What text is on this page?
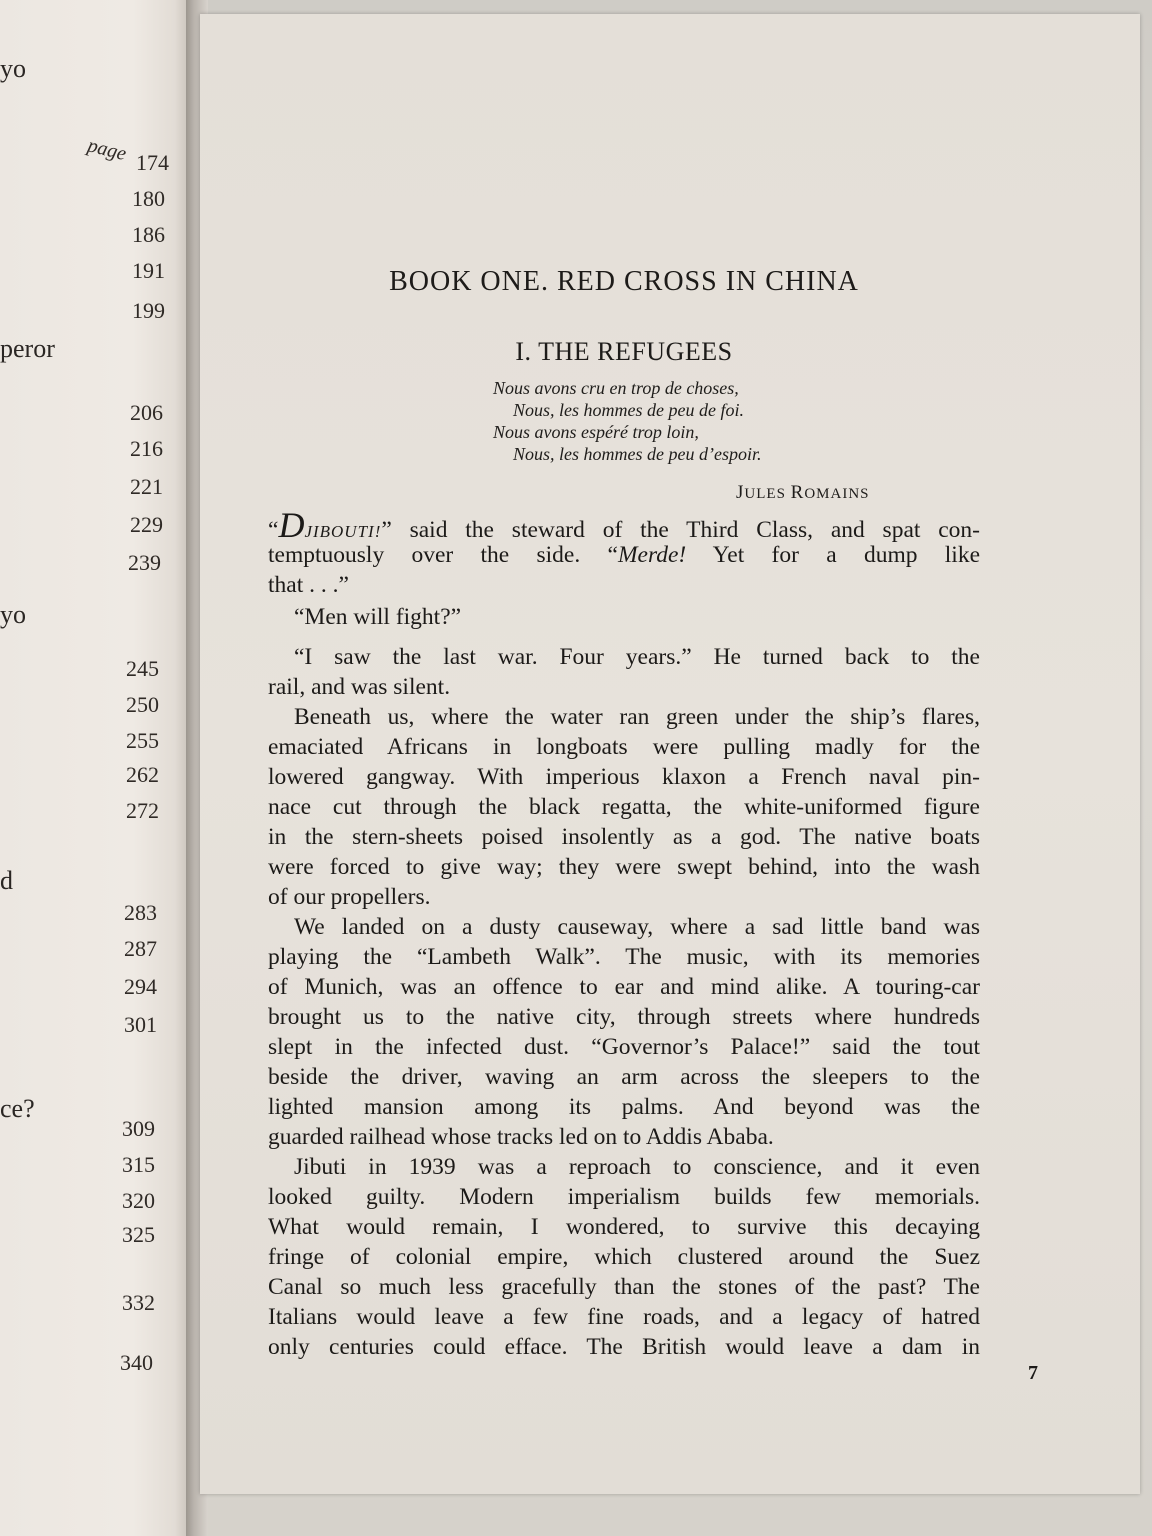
yo
peror
yo
d
ce?
page 174
180
186
191
199
206
216
221
229
239
245
250
255
262
272
283
287
294
301
309
315
320
325
332
340
BOOK ONE. RED CROSS IN CHINA
I. THE REFUGEES
Nous avons cru en trop de choses,
Nous, les hommes de peu de foi.
Nous avons espéré trop loin,
Nous, les hommes de peu d’espoir.
JULES ROMAINS
“DJIBOUTI!” said the steward of the Third Class, and spat con-
temptuously over the side. “Merde! Yet for a dump like
that . . .”
“Men will fight?”
“I saw the last war. Four years.” He turned back to the
rail, and was silent.
Beneath us, where the water ran green under the ship’s flares,
emaciated Africans in longboats were pulling madly for the
lowered gangway. With imperious klaxon a French naval pin-
nace cut through the black regatta, the white-uniformed figure
in the stern-sheets poised insolently as a god. The native boats
were forced to give way; they were swept behind, into the wash
of our propellers.
We landed on a dusty causeway, where a sad little band was
playing the “Lambeth Walk”. The music, with its memories
of Munich, was an offence to ear and mind alike. A touring-car
brought us to the native city, through streets where hundreds
slept in the infected dust. “Governor’s Palace!” said the tout
beside the driver, waving an arm across the sleepers to the
lighted mansion among its palms. And beyond was the
guarded railhead whose tracks led on to Addis Ababa.
Jibuti in 1939 was a reproach to conscience, and it even
looked guilty. Modern imperialism builds few memorials.
What would remain, I wondered, to survive this decaying
fringe of colonial empire, which clustered around the Suez
Canal so much less gracefully than the stones of the past? The
Italians would leave a few fine roads, and a legacy of hatred
only centuries could efface. The British would leave a dam in
7
